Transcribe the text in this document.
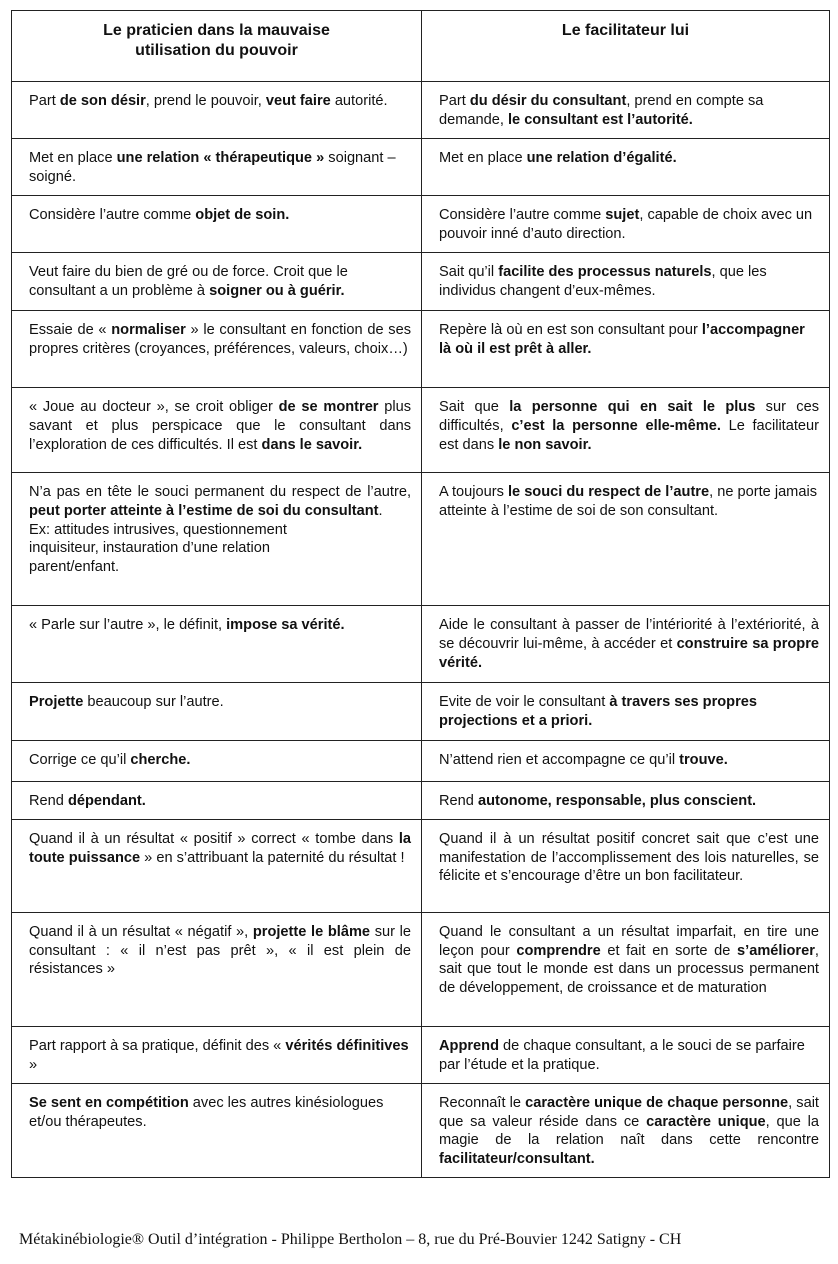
Le praticien dans la mauvaise
utilisation du pouvoir	Le facilitateur lui
Part de son désir, prend le pouvoir, veut faire autorité.	Part du désir du consultant, prend en compte sa demande, le consultant est l’autorité.
Met en place une relation « thérapeutique » soignant – soigné.	Met en place une relation d’égalité.
Considère l’autre comme objet de soin.	Considère l’autre comme sujet, capable de choix avec un pouvoir inné d’auto direction.
Veut faire du bien de gré ou de force. Croit que le consultant a un problème à soigner ou à guérir.	Sait qu’il facilite des processus naturels, que les individus changent d’eux-mêmes.
Essaie de « normaliser » le consultant en fonction de ses propres critères (croyances, préférences, valeurs, choix…)	Repère là où en est son consultant pour l’accompagner là où il est prêt à aller.
« Joue au docteur », se croit obliger de se montrer plus savant et plus perspicace que le consultant dans l’exploration de ces difficultés. Il est dans le savoir.	Sait que la personne qui en sait le plus sur ces difficultés, c’est la personne elle-même. Le facilitateur est dans le non savoir.
N’a pas en tête le souci permanent du respect de l’autre, peut porter atteinte à l’estime de soi du consultant.
Ex: attitudes intrusives, questionnement
inquisiteur, instauration d’une relation
parent/enfant.	A toujours le souci du respect de l’autre, ne porte jamais atteinte à l’estime de soi de son consultant.
« Parle sur l’autre », le définit, impose sa vérité.	Aide le consultant à passer de l’intériorité à l’extériorité, à se découvrir lui-même, à accéder et construire sa propre vérité.
Projette beaucoup sur l’autre.	Evite de voir le consultant à travers ses propres projections et a priori.
Corrige ce qu’il cherche.	N’attend rien et accompagne ce qu’il trouve.
Rend dépendant.	Rend autonome, responsable, plus conscient.
Quand il à un résultat « positif » correct « tombe dans la toute puissance » en s’attribuant la paternité du résultat !	Quand il à un résultat positif concret sait que c’est une manifestation de l’accomplissement des lois naturelles, se félicite et s’encourage d’être un bon facilitateur.
Quand il à un résultat « négatif », projette le blâme sur le consultant : « il n’est pas prêt », « il est plein de résistances »	Quand le consultant a un résultat imparfait, en tire une leçon pour comprendre et fait en sorte de s’améliorer, sait que tout le monde est dans un processus permanent de développement, de croissance et de maturation
Part rapport à sa pratique, définit des « vérités définitives »	Apprend de chaque consultant, a le souci de se parfaire par l’étude et la pratique.
Se sent en compétition avec les autres kinésiologues et/ou thérapeutes.	Reconnaît le caractère unique de chaque personne, sait que sa valeur réside dans ce caractère unique, que la magie de la relation naît dans cette rencontre facilitateur/consultant.
Métakinébiologie® Outil d’intégration - Philippe Bertholon – 8, rue du Pré-Bouvier 1242 Satigny - CH
